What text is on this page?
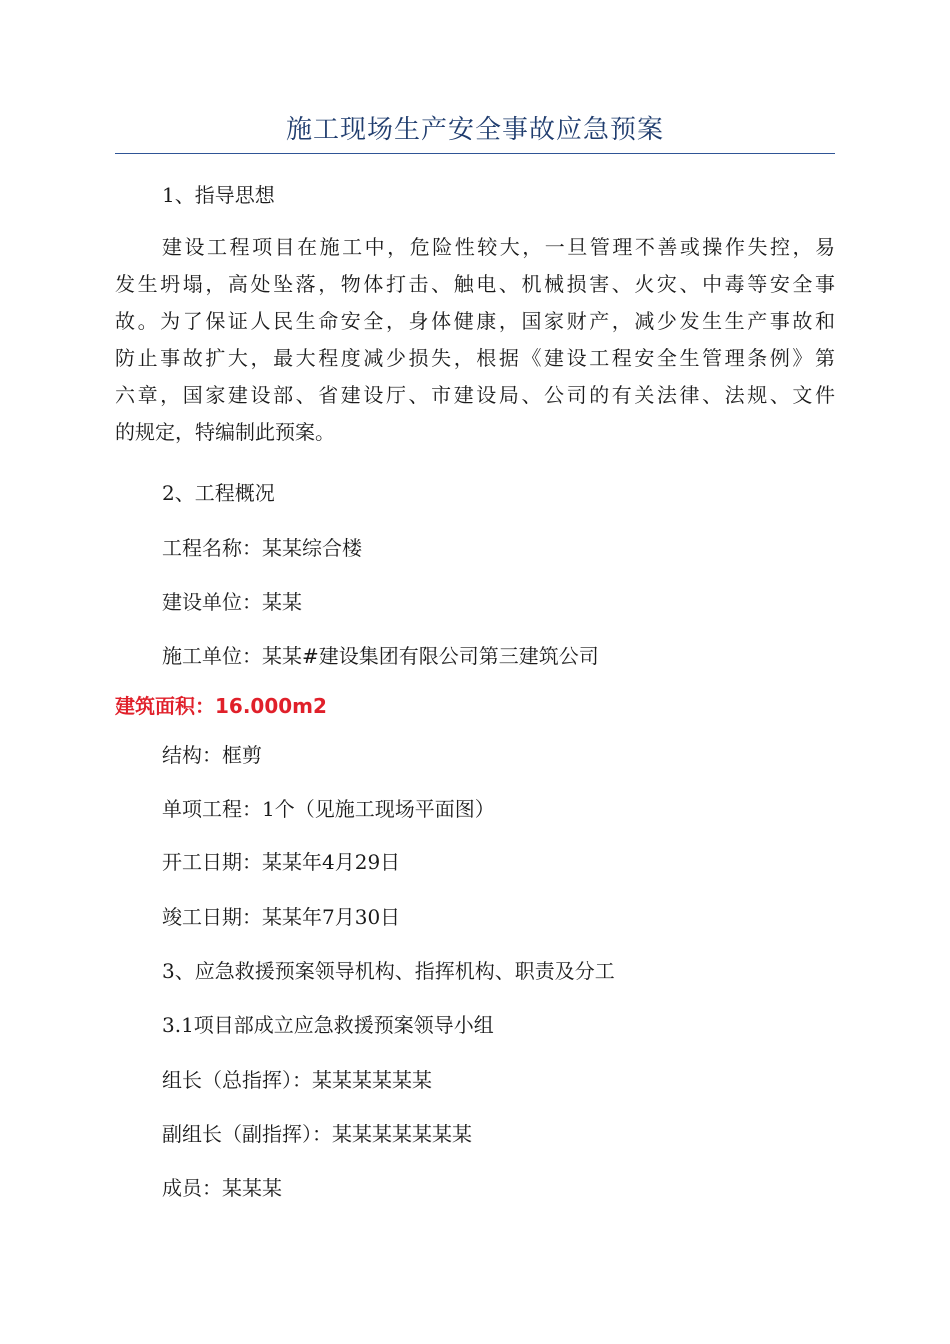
施工现场生产安全事故应急预案
1、指导思想
建设工程项目在施工中，危险性较大，一旦管理不善或操作失控，易
发生坍塌，高处坠落，物体打击、触电、机械损害、火灾、中毒等安全事
故。为了保证人民生命安全，身体健康，国家财产，减少发生生产事故和
防止事故扩大，最大程度减少损失，根据《建设工程安全生管理条例》第
六章，国家建设部、省建设厅、市建设局、公司的有关法律、法规、文件
的规定，特编制此预案。
2、工程概况
工程名称：某某综合楼
建设单位：某某
施工单位：某某#建设集团有限公司第三建筑公司
建筑面积：16.000m2
结构：框剪
单项工程：1个（见施工现场平面图）
开工日期：某某年4月29日
竣工日期：某某年7月30日
3、应急救援预案领导机构、指挥机构、职责及分工
3.1项目部成立应急救援预案领导小组
组长（总指挥）：某某某某某某
副组长（副指挥）：某某某某某某某
成员：某某某
